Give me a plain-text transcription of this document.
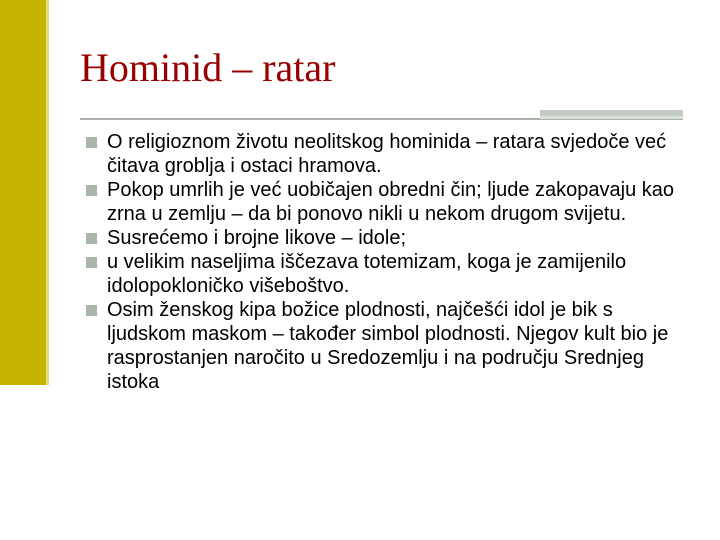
Hominid – ratar
O religioznom životu neolitskog hominida – ratara svjedoče već čitava groblja i ostaci hramova.
Pokop umrlih je već uobičajen obredni čin; ljude zakopavaju kao zrna u zemlju – da bi ponovo nikli u nekom drugom svijetu.
Susrećemo i brojne likove – idole;
u velikim naseljima iščezava totemizam, koga je zamijenilo idolopokloničko višeboštvo.
Osim ženskog kipa božice plodnosti, najčešći idol je bik s ljudskom maskom – također simbol plodnosti. Njegov kult bio je rasprostanjen naročito u Sredozemlju i na području Srednjeg istoka
